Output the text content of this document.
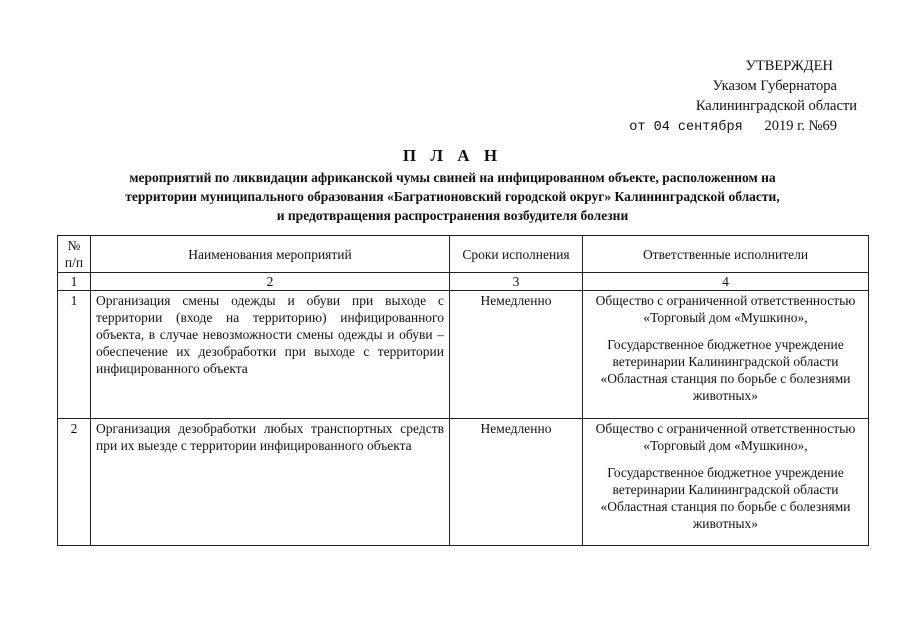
УТВЕРЖДЕН
Указом Губернатора
Калининградской области
от 04 сентября 2019 г. №69
П Л А Н
мероприятий по ликвидации африканской чумы свиней на инфицированном объекте, расположенном на
территории муниципального образования «Багратионовский городской округ» Калининградской области,
и предотвращения распространения возбудителя болезни
№ п/п	Наименования мероприятий	Сроки исполнения	Ответственные исполнители
1	2	3	4
1	Организация смены одежды и обуви при выходе с территории (входе на территорию) инфицированного объекта, в случае невозможности смены одежды и обуви – обеспечение их дезобработки при выходе с территории инфицированного объекта	Немедленно	Общество с ограниченной ответственностью «Торговый дом «Мушкино»,
Государственное бюджетное учреждение ветеринарии Калининградской области «Областная станция по борьбе с болезнями животных»

2	Организация дезобработки любых транспортных средств при их выезде с территории инфицированного объекта	Немедленно	Общество с ограниченной ответственностью «Торговый дом «Мушкино»,
Государственное бюджетное учреждение ветеринарии Калининградской области «Областная станция по борьбе с болезнями животных»
